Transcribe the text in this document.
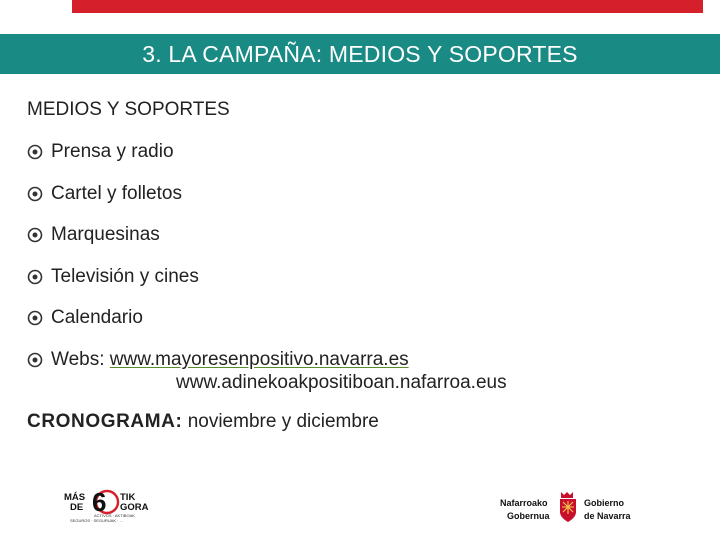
3. LA CAMPAÑA: MEDIOS Y SOPORTES
MEDIOS Y SOPORTES
Prensa y radio
Cartel y folletos
Marquesinas
Televisión y cines
Calendario
Webs: www.mayoresenpositivo.navarra.es
www.adinekoakpositiboan.nafarroa.eus
CRONOGRAMA: noviembre y diciembre
MÁS
DE 6 TIK
GORA
ACTIVOS · AKTIBOAK
SEGUROS · SEGURUAK · ...
Nafarroako
Gobernua
Gobierno
de Navarra
